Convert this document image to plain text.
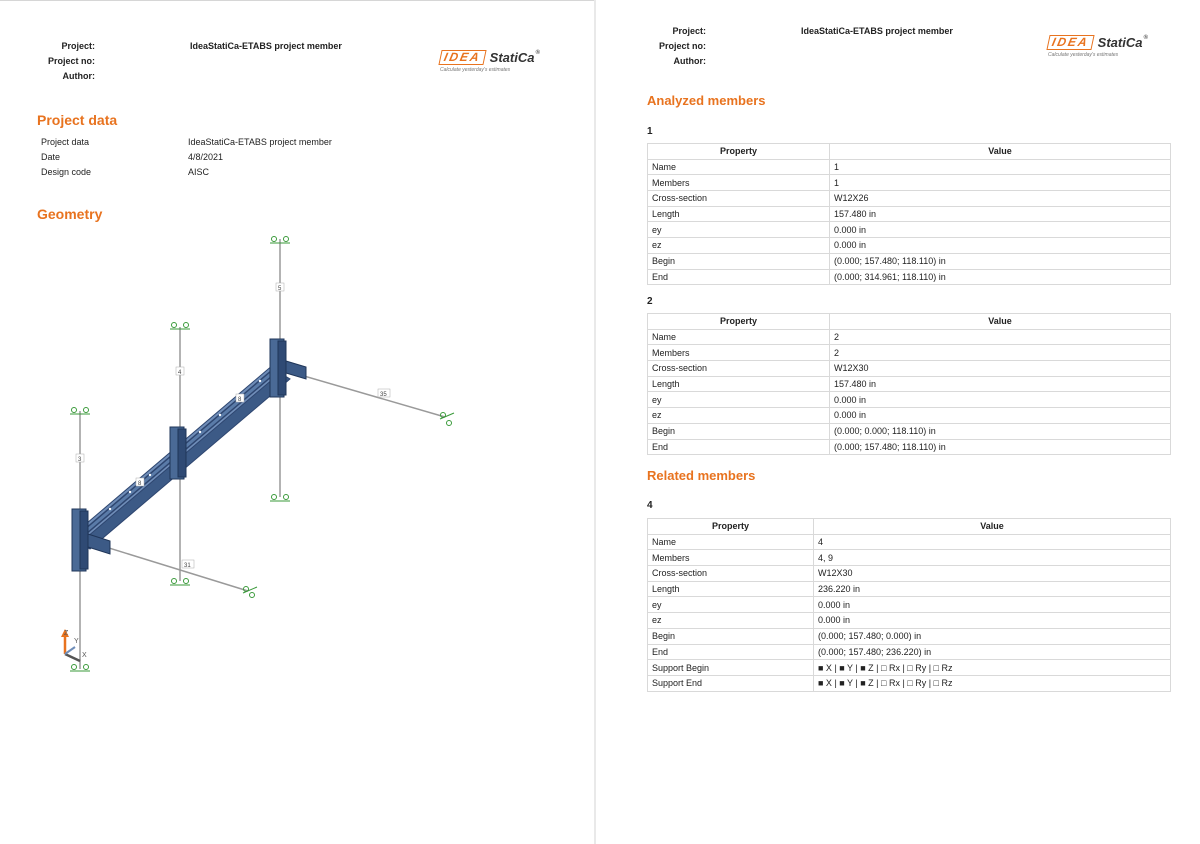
Project:	IdeaStatiCa-ETABS project member
Project no:
Author:
IDEA StatiCa®
Calculate yesterday's estimates
Project data
Project data	IdeaStatiCa-ETABS project member
Date	4/8/2021
Design code	AISC
Geometry
5
4
3
8
8
35
31
Z
Y
X
Project:	IdeaStatiCa-ETABS project member
Project no:
Author:
IDEA StatiCa®
Calculate yesterday's estimates
Analyzed members
1
Property	Value
Name	1
Members	1
Cross-section	W12X26
Length	157.480 in
ey	0.000 in
ez	0.000 in
Begin	(0.000; 157.480; 118.110) in
End	(0.000; 314.961; 118.110) in
2
Property	Value
Name	2
Members	2
Cross-section	W12X30
Length	157.480 in
ey	0.000 in
ez	0.000 in
Begin	(0.000; 0.000; 118.110) in
End	(0.000; 157.480; 118.110) in
Related members
4
Property	Value
Name	4
Members	4, 9
Cross-section	W12X30
Length	236.220 in
ey	0.000 in
ez	0.000 in
Begin	(0.000; 157.480; 0.000) in
End	(0.000; 157.480; 236.220) in
Support Begin	■ X | ■ Y | ■ Z | □ Rx | □ Ry | □ Rz
Support End	■ X | ■ Y | ■ Z | □ Rx | □ Ry | □ Rz
